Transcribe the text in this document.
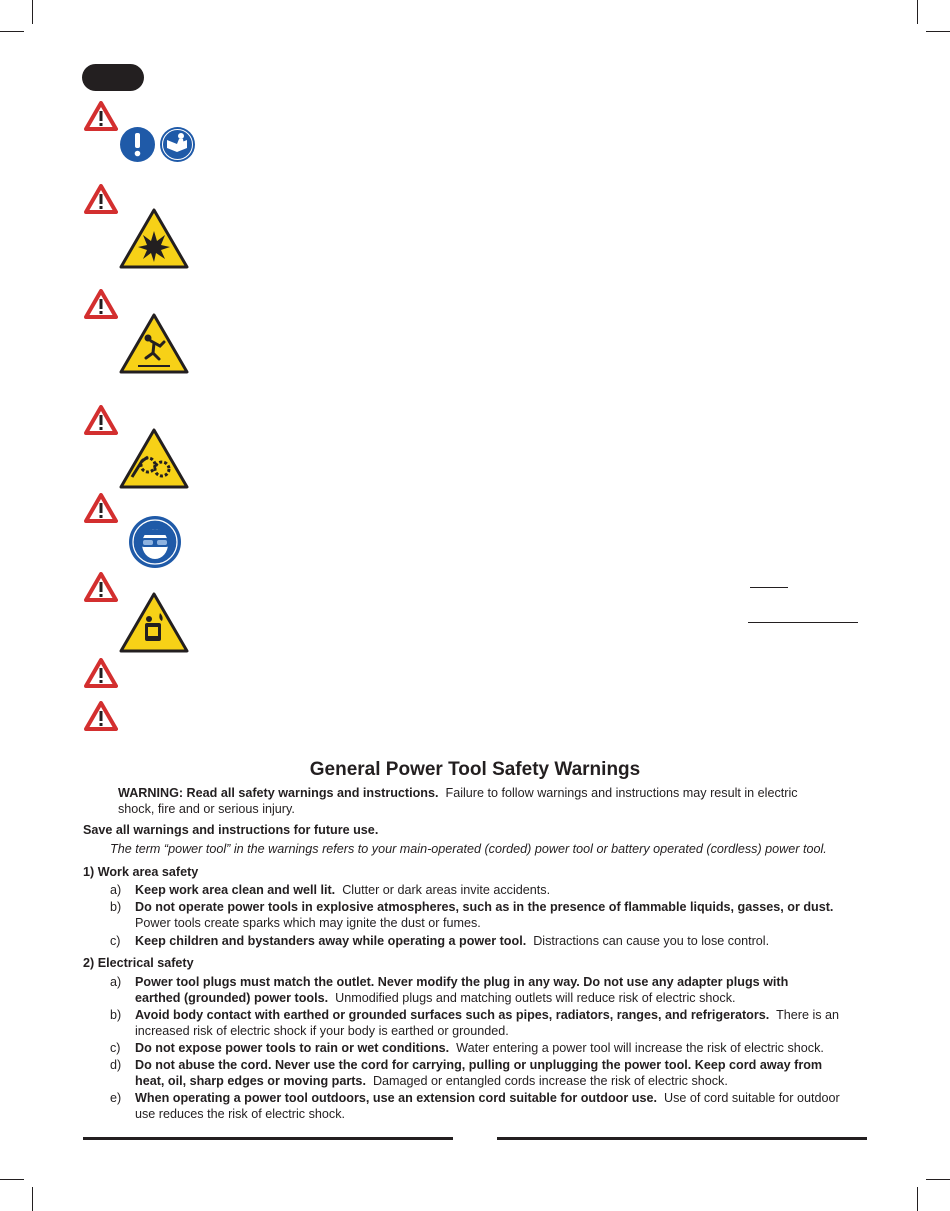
General Power Tool Safety Warnings
WARNING: Read all safety warnings and instructions. Failure to follow warnings and instructions may result in electric
shock, fire and or serious injury.
Save all warnings and instructions for future use.
The term “power tool” in the warnings refers to your main-operated (corded) power tool or battery operated (cordless) power tool.
1) Work area safety
a)	Keep work area clean and well lit. Clutter or dark areas invite accidents.
b)	Do not operate power tools in explosive atmospheres, such as in the presence of flammable liquids, gasses, or dust.
Power tools create sparks which may ignite the dust or fumes.
c)	Keep children and bystanders away while operating a power tool. Distractions can cause you to lose control.
2) Electrical safety
a)	Power tool plugs must match the outlet. Never modify the plug in any way. Do not use any adapter plugs with
earthed (grounded) power tools. Unmodified plugs and matching outlets will reduce risk of electric shock.
b)	Avoid body contact with earthed or grounded surfaces such as pipes, radiators, ranges, and refrigerators. There is an
increased risk of electric shock if your body is earthed or grounded.
c)	Do not expose power tools to rain or wet conditions. Water entering a power tool will increase the risk of electric shock.
d)	Do not abuse the cord. Never use the cord for carrying, pulling or unplugging the power tool. Keep cord away from
heat, oil, sharp edges or moving parts. Damaged or entangled cords increase the risk of electric shock.
e)	When operating a power tool outdoors, use an extension cord suitable for outdoor use. Use of cord suitable for outdoor
use reduces the risk of electric shock.
